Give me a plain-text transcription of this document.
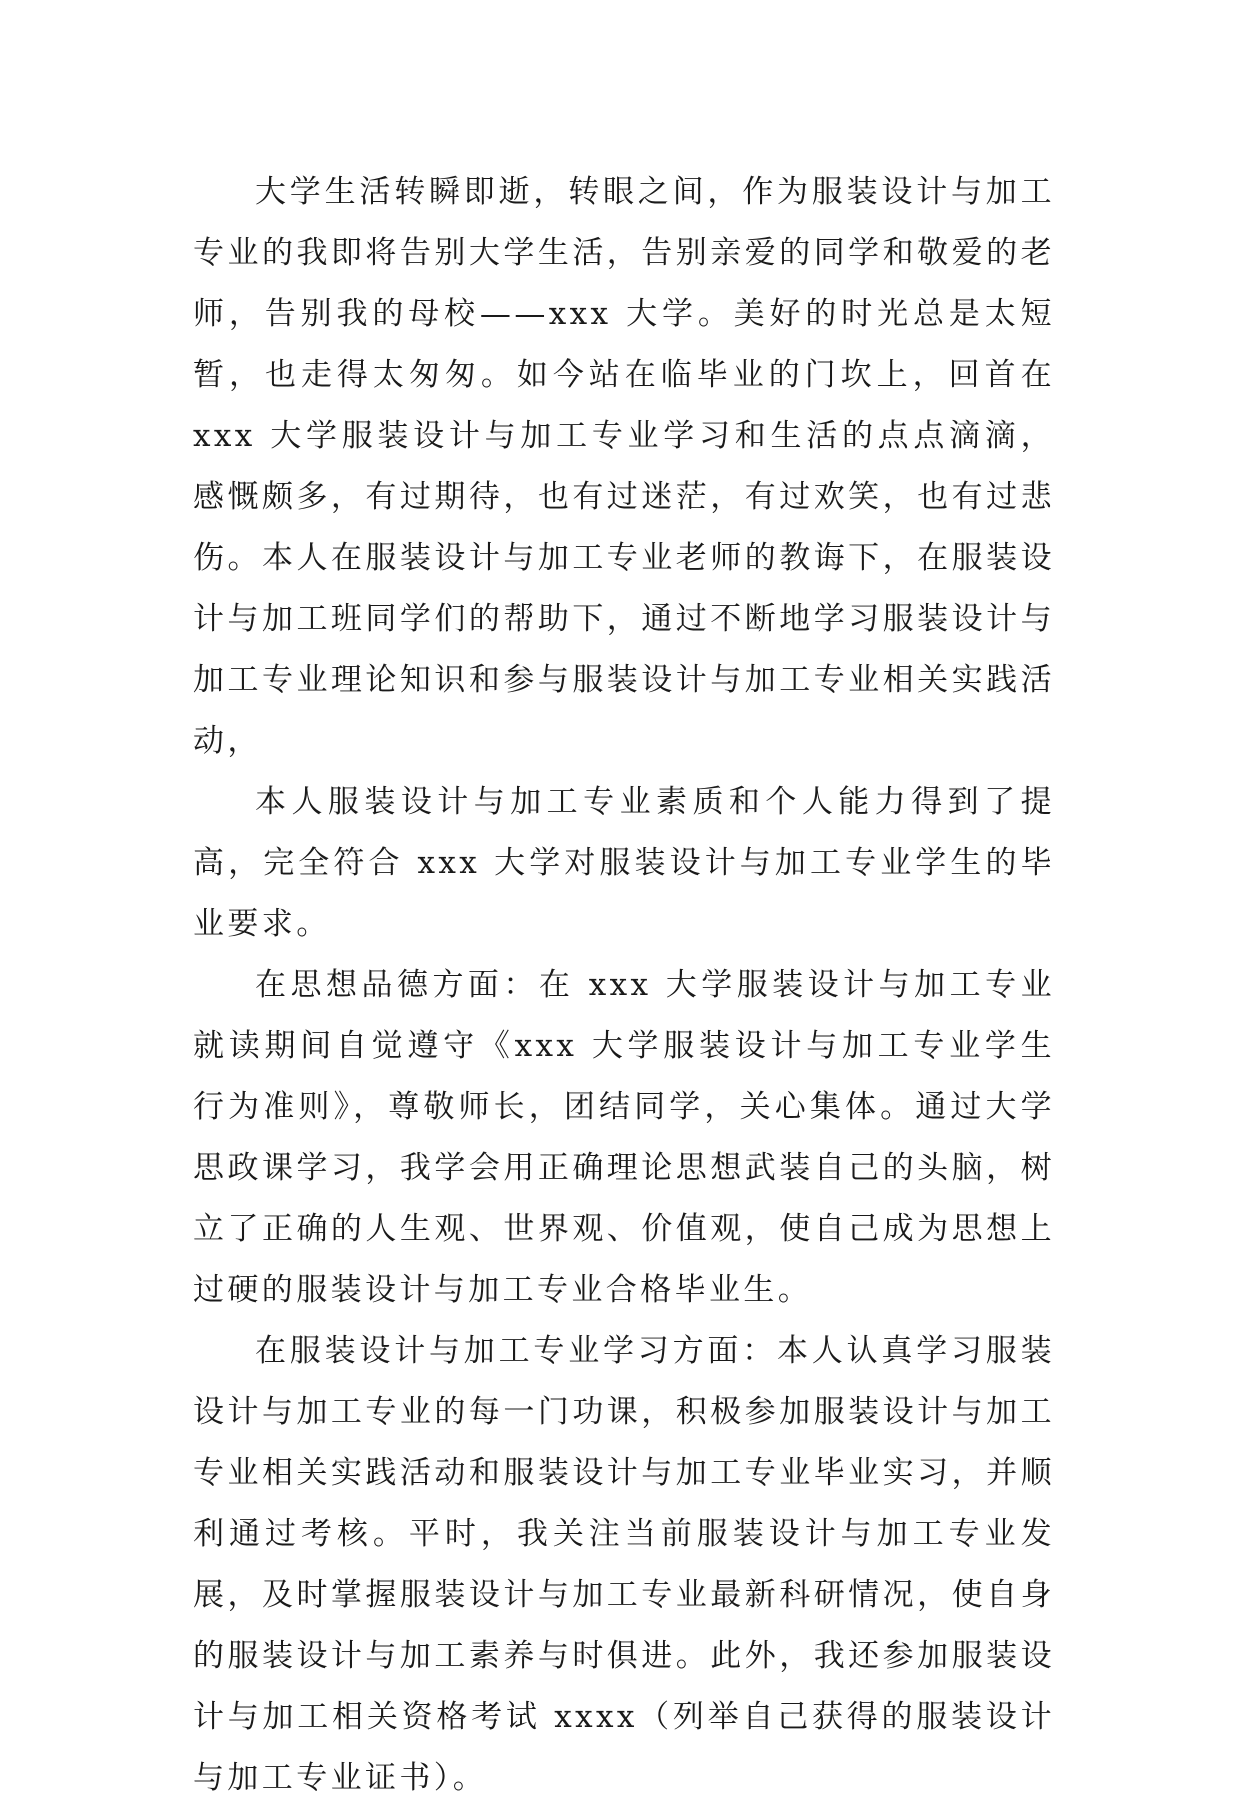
大学生活转瞬即逝，转眼之间，作为服装设计与加工专业的我即将告别大学生活，告别亲爱的同学和敬爱的老师，告别我的母校——xxx 大学。美好的时光总是太短暂，也走得太匆匆。如今站在临毕业的门坎上，回首在 xxx 大学服装设计与加工专业学习和生活的点点滴滴，感慨颇多，有过期待，也有过迷茫，有过欢笑，也有过悲伤。本人在服装设计与加工专业老师的教诲下，在服装设计与加工班同学们的帮助下，通过不断地学习服装设计与加工专业理论知识和参与服装设计与加工专业相关实践活动，

本人服装设计与加工专业素质和个人能力得到了提高，完全符合 xxx 大学对服装设计与加工专业学生的毕业要求。

在思想品德方面：在 xxx 大学服装设计与加工专业就读期间自觉遵守《xxx 大学服装设计与加工专业学生行为准则》，尊敬师长，团结同学，关心集体。通过大学思政课学习，我学会用正确理论思想武装自己的头脑，树立了正确的人生观、世界观、价值观，使自己成为思想上过硬的服装设计与加工专业合格毕业生。

在服装设计与加工专业学习方面：本人认真学习服装设计与加工专业的每一门功课，积极参加服装设计与加工专业相关实践活动和服装设计与加工专业毕业实习，并顺利通过考核。平时，我关注当前服装设计与加工专业发展，及时掌握服装设计与加工专业最新科研情况，使自身的服装设计与加工素养与时俱进。此外，我还参加服装设计与加工相关资格考试 xxxx（列举自己获得的服装设计与加工专业证书）。
